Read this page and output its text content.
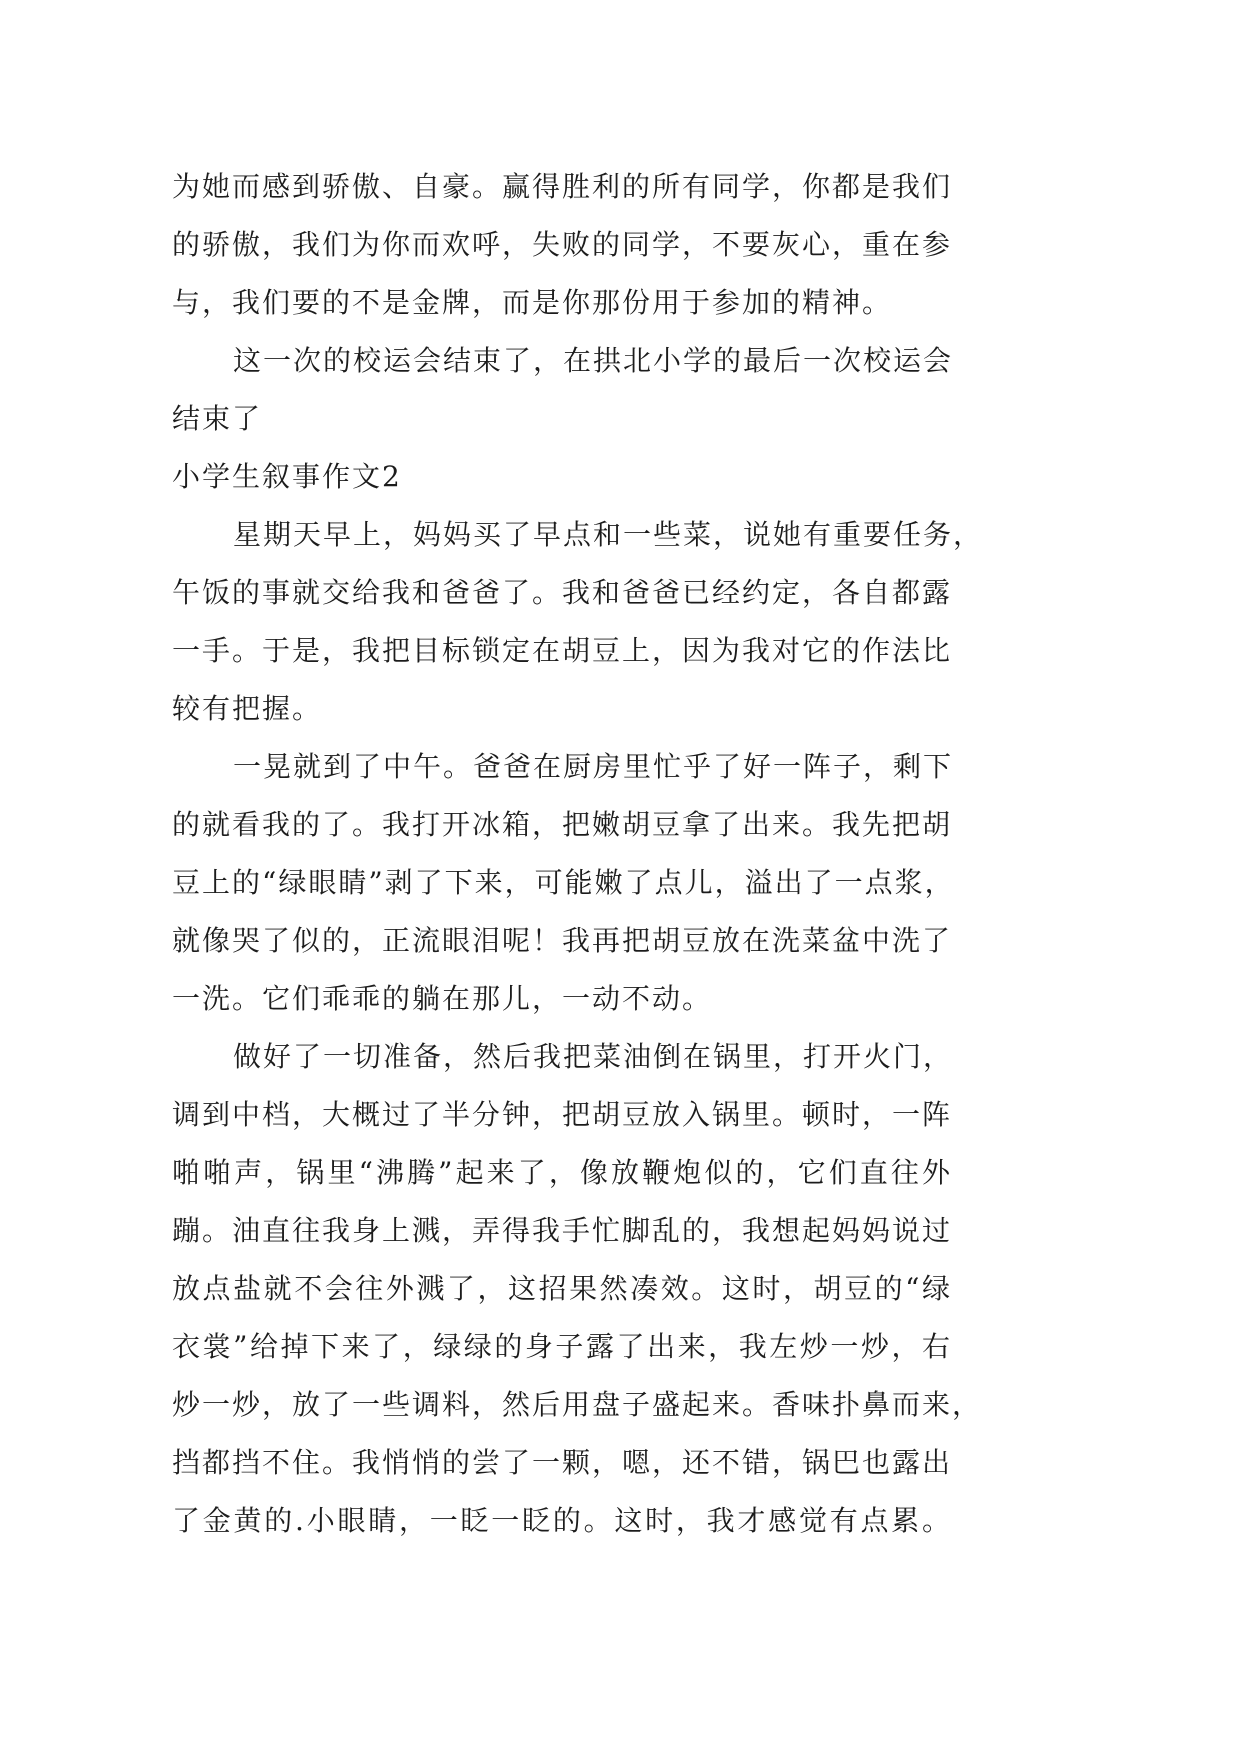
为她而感到骄傲、自豪。赢得胜利的所有同学，你都是我们
的骄傲，我们为你而欢呼，失败的同学，不要灰心，重在参
与，我们要的不是金牌，而是你那份用于参加的精神。
这一次的校运会结束了，在拱北小学的最后一次校运会
结束了
小学生叙事作文2
星期天早上，妈妈买了早点和一些菜，说她有重要任务，
午饭的事就交给我和爸爸了。我和爸爸已经约定，各自都露
一手。于是，我把目标锁定在胡豆上，因为我对它的作法比
较有把握。
一晃就到了中午。爸爸在厨房里忙乎了好一阵子，剩下
的就看我的了。我打开冰箱，把嫩胡豆拿了出来。我先把胡
豆上的“绿眼睛”剥了下来，可能嫩了点儿，溢出了一点浆，
就像哭了似的，正流眼泪呢！我再把胡豆放在洗菜盆中洗了
一洗。它们乖乖的躺在那儿，一动不动。
做好了一切准备，然后我把菜油倒在锅里，打开火门，
调到中档，大概过了半分钟，把胡豆放入锅里。顿时，一阵
啪啪声，锅里“沸腾”起来了，像放鞭炮似的，它们直往外
蹦。油直往我身上溅，弄得我手忙脚乱的，我想起妈妈说过
放点盐就不会往外溅了，这招果然凑效。这时，胡豆的“绿
衣裳”给掉下来了，绿绿的身子露了出来，我左炒一炒，右
炒一炒，放了一些调料，然后用盘子盛起来。香味扑鼻而来，
挡都挡不住。我悄悄的尝了一颗，嗯，还不错，锅巴也露出
了金黄的.小眼睛，一眨一眨的。这时，我才感觉有点累。
